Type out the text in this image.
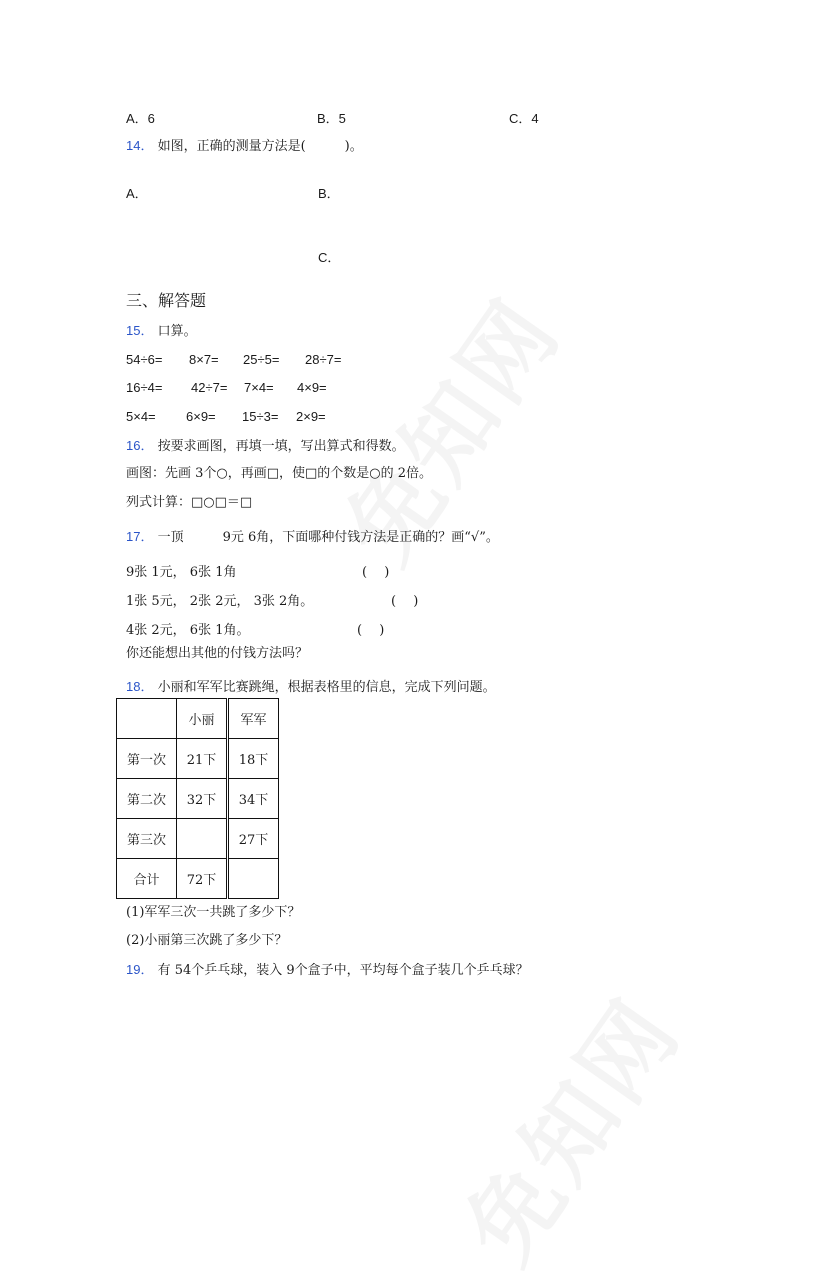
A．6	B．5	C．4
14． 如图，正确的测量方法是(　　　)。
A．	B．
C．
三、解答题
15． 口算。
54÷6= 8×7= 25÷5= 28÷7=
16÷4= 42÷7= 7×4= 4×9=
5×4= 6×9= 15÷3= 2×9=
16． 按要求画图，再填一填，写出算式和得数。
画图：先画 3个○，再画□，使□的个数是○的 2倍。
列式计算：□○□＝□
17． 一顶　　　9元 6角，下面哪种付钱方法是正确的？画“√”。
9张 1元， 6张 1角	(　 )
1张 5元， 2张 2元， 3张 2角。	(　 )
4张 2元， 6张 1角。	(　 )
你还能想出其他的付钱方法吗？
18． 小丽和军军比赛跳绳，根据表格里的信息，完成下列问题。
	小丽	军军
第一次	21下	18下
第二次	32下	34下
第三次		27下
合计	72下	
(1)军军三次一共跳了多少下？
(2)小丽第三次跳了多少下？
19． 有 54个乒乓球，装入 9个盒子中，平均每个盒子装几个乒乓球？
